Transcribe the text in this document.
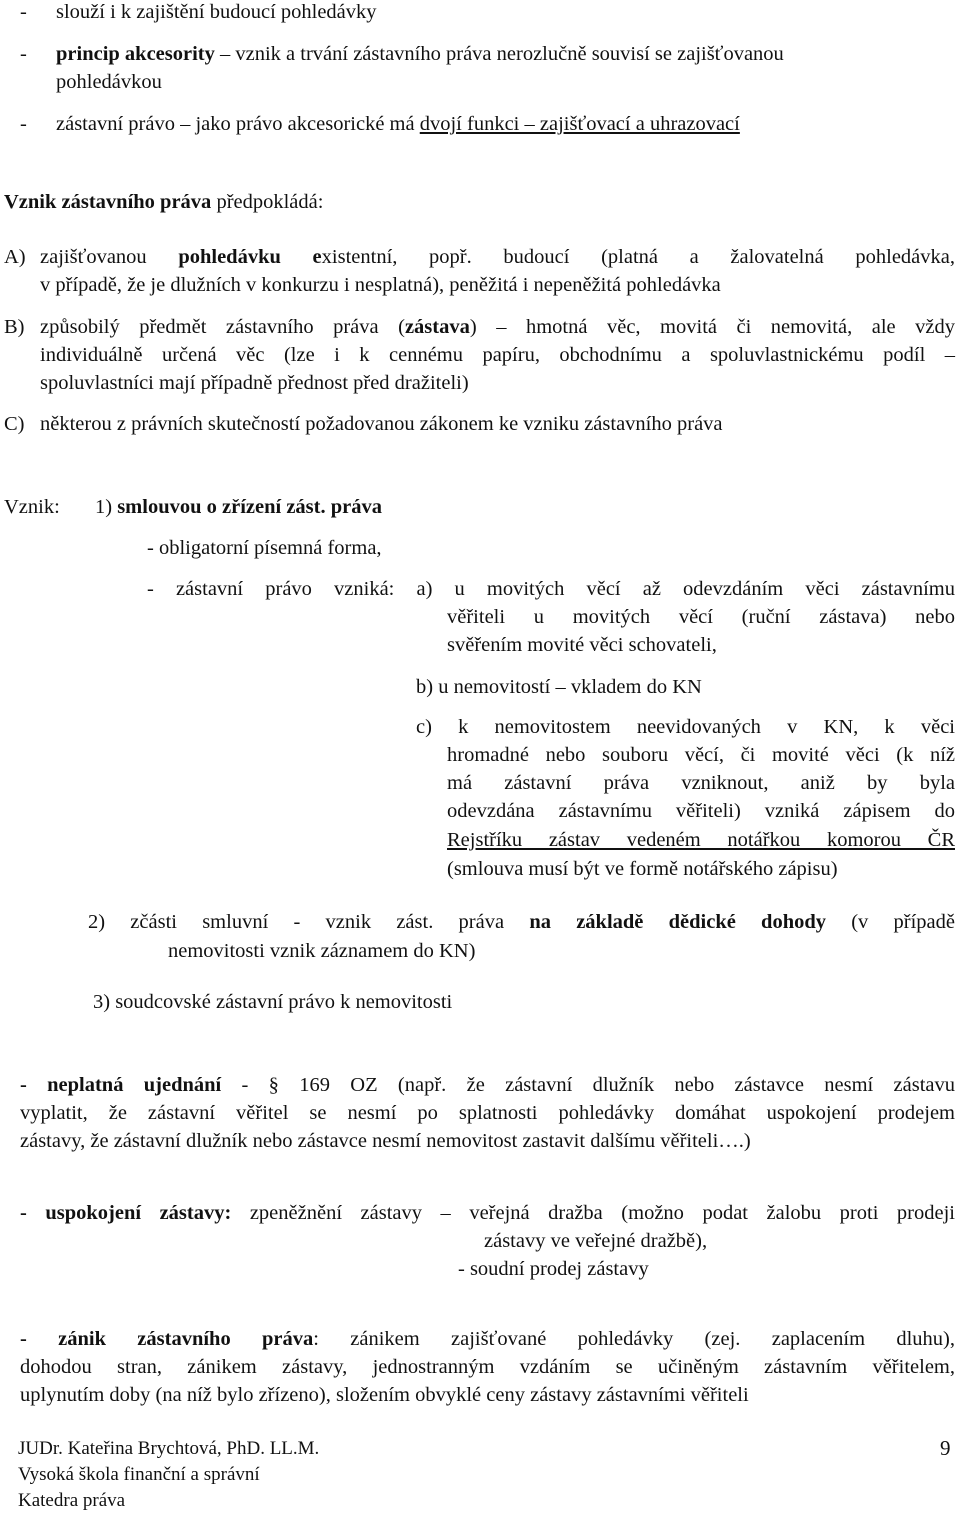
- slouží i k zajištění budoucí pohledávky
- princip akcesority – vznik a trvání zástavního práva nerozlučně souvisí se zajišťovanou
pohledávkou
- zástavní právo – jako právo akcesorické má dvojí funkci – zajišťovací a uhrazovací
Vznik zástavního práva předpokládá:
A) zajišťovanou pohledávku existentní, popř. budoucí (platná a žalovatelná pohledávka,
v případě, že je dlužních v konkurzu i nesplatná), peněžitá i nepeněžitá pohledávka
B) způsobilý předmět zástavního práva (zástava) – hmotná věc, movitá či nemovitá, ale vždy
individuálně určená věc (lze i k cennému papíru, obchodnímu a spoluvlastnickému podíl –
spoluvlastníci mají případně přednost před dražiteli)
C) některou z právních skutečností požadovanou zákonem ke vzniku zástavního práva
Vznik: 1) smlouvou o zřízení zást. práva
- obligatorní písemná forma,
- zástavní právo vzniká: a) u movitých věcí až odevzdáním věci zástavnímu
věřiteli u movitých věcí (ruční zástava) nebo
svěřením movité věci schovateli,
b) u nemovitostí – vkladem do KN
c) k nemovitostem neevidovaných v KN, k věci
hromadné nebo souboru věcí, či movité věci (k níž
má zástavní práva vzniknout, aniž by byla
odevzdána zástavnímu věřiteli) vzniká zápisem do
Rejstříku zástav vedeném notářkou komorou ČR
(smlouva musí být ve formě notářského zápisu)
2) zčásti smluvní - vznik zást. práva na základě dědické dohody (v případě
nemovitosti vznik záznamem do KN)
3) soudcovské zástavní právo k nemovitosti
- neplatná ujednání - § 169 OZ (např. že zástavní dlužník nebo zástavce nesmí zástavu
vyplatit, že zástavní věřitel se nesmí po splatnosti pohledávky domáhat uspokojení prodejem
zástavy, že zástavní dlužník nebo zástavce nesmí nemovitost zastavit dalšímu věřiteli….)
- uspokojení zástavy: zpeněžnění zástavy – veřejná dražba (možno podat žalobu proti prodeji
zástavy ve veřejné dražbě),
- soudní prodej zástavy
- zánik zástavního práva: zánikem zajišťované pohledávky (zej. zaplacením dluhu),
dohodou stran, zánikem zástavy, jednostranným vzdáním se učiněným zástavním věřitelem,
uplynutím doby (na níž bylo zřízeno), složením obvyklé ceny zástavy zástavními věřiteli
JUDr. Kateřina Brychtová, PhD. LL.M.
Vysoká škola finanční a správní
Katedra práva
9
